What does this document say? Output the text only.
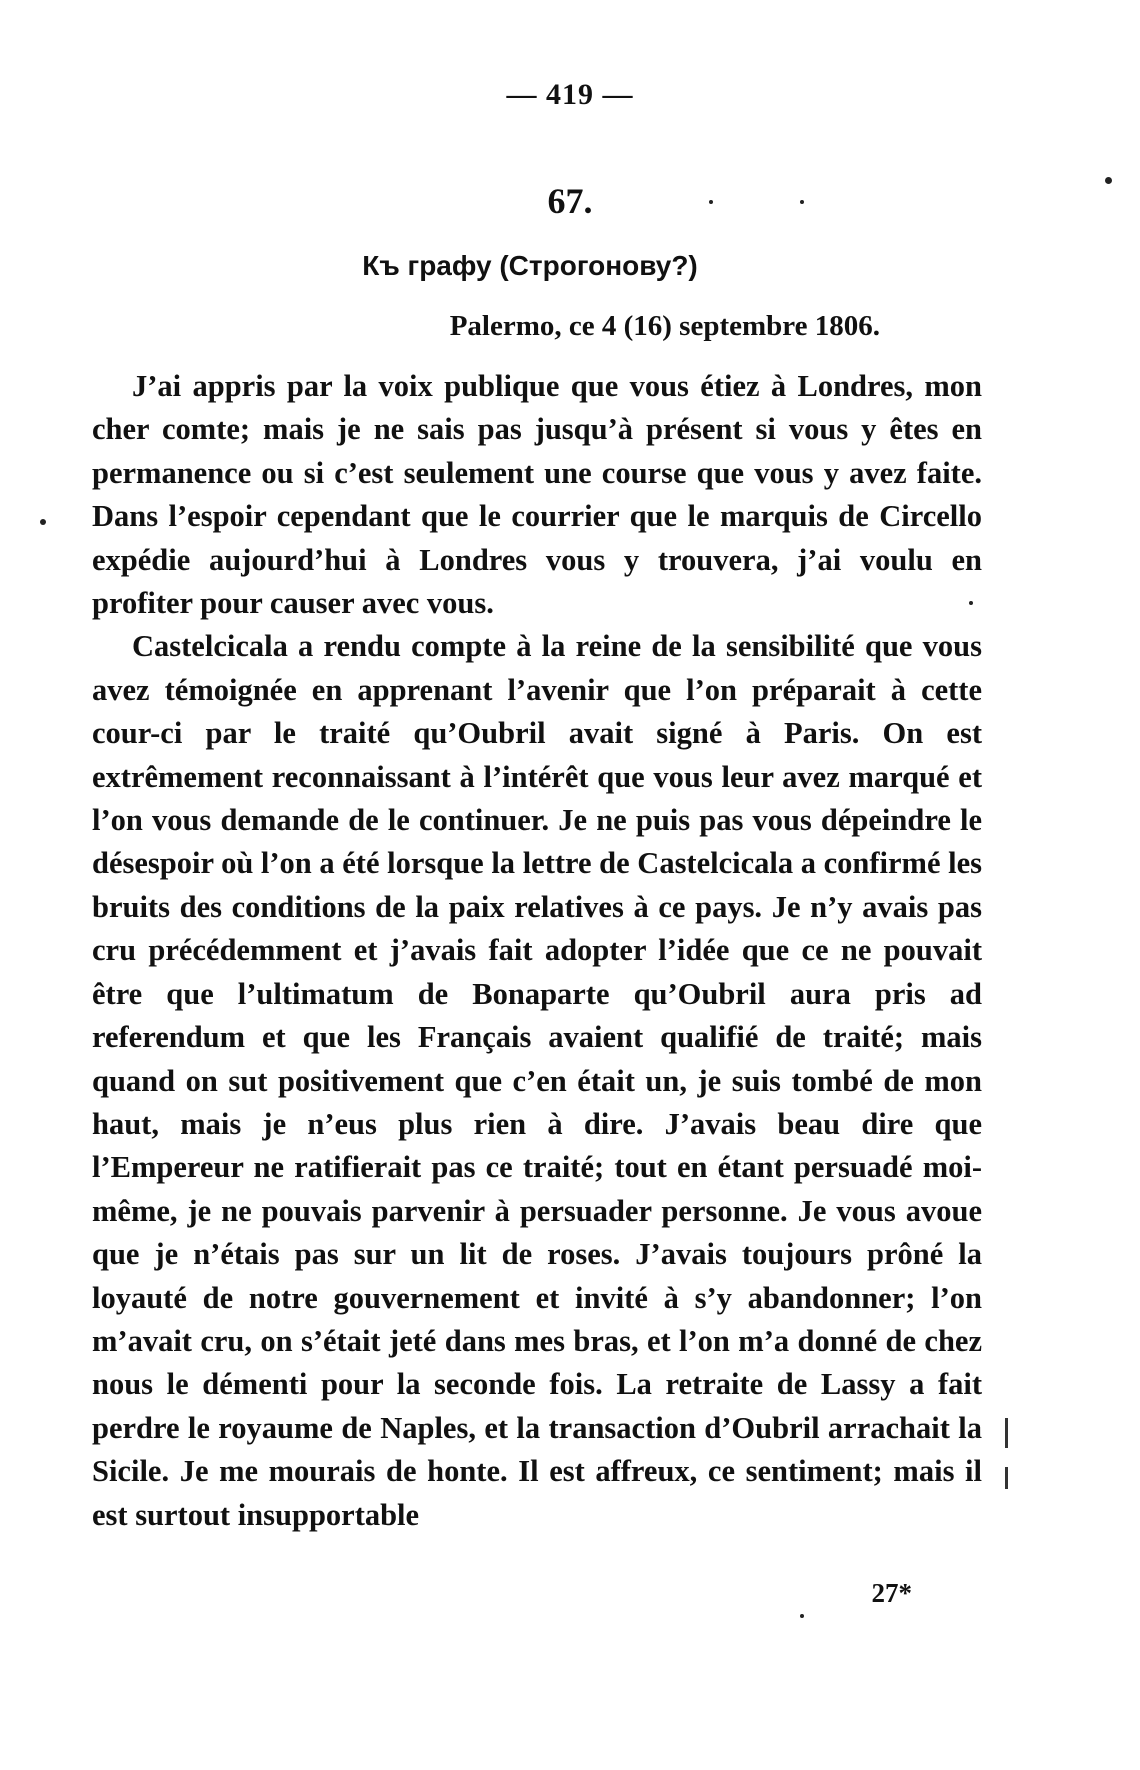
— 419 —
67.
Къ графу (Строгонову?)
Palermo, ce 4 (16) septembre 1806.

J’ai appris par la voix publique que vous étiez à Londres, mon cher comte; mais je ne sais pas jusqu’à présent si vous y êtes en permanence ou si c’est seulement une course que vous y avez faite. Dans l’espoir cependant que le courrier que le marquis de Circello expédie aujourd’hui à Londres vous y trouvera, j’ai voulu en profiter pour causer avec vous.

Castelcicala a rendu compte à la reine de la sensibilité que vous avez témoignée en apprenant l’avenir que l’on préparait à cette cour-ci par le traité qu’Oubril avait signé à Paris. On est extrêmement reconnaissant à l’intérêt que vous leur avez marqué et l’on vous demande de le continuer. Je ne puis pas vous dépeindre le désespoir où l’on a été lorsque la lettre de Castelcicala a confirmé les bruits des conditions de la paix relatives à ce pays. Je n’y avais pas cru précédemment et j’avais fait adopter l’idée que ce ne pouvait être que l’ultimatum de Bonaparte qu’Oubril aura pris ad referendum et que les Français avaient qualifié de traité; mais quand on sut positivement que c’en était un, je suis tombé de mon haut, mais je n’eus plus rien à dire. J’avais beau dire que l’Empereur ne ratifierait pas ce traité; tout en étant persuadé moi-même, je ne pouvais parvenir à persuader personne. Je vous avoue que je n’étais pas sur un lit de roses. J’avais toujours prôné la loyauté de notre gouvernement et invité à s’y abandonner; l’on m’avait cru, on s’était jeté dans mes bras, et l’on m’a donné de chez nous le démenti pour la seconde fois. La retraite de Lassy a fait perdre le royaume de Naples, et la transaction d’Oubril arrachait la Sicile. Je me mourais de honte. Il est affreux, ce sentiment; mais il est surtout insupportable

27*
